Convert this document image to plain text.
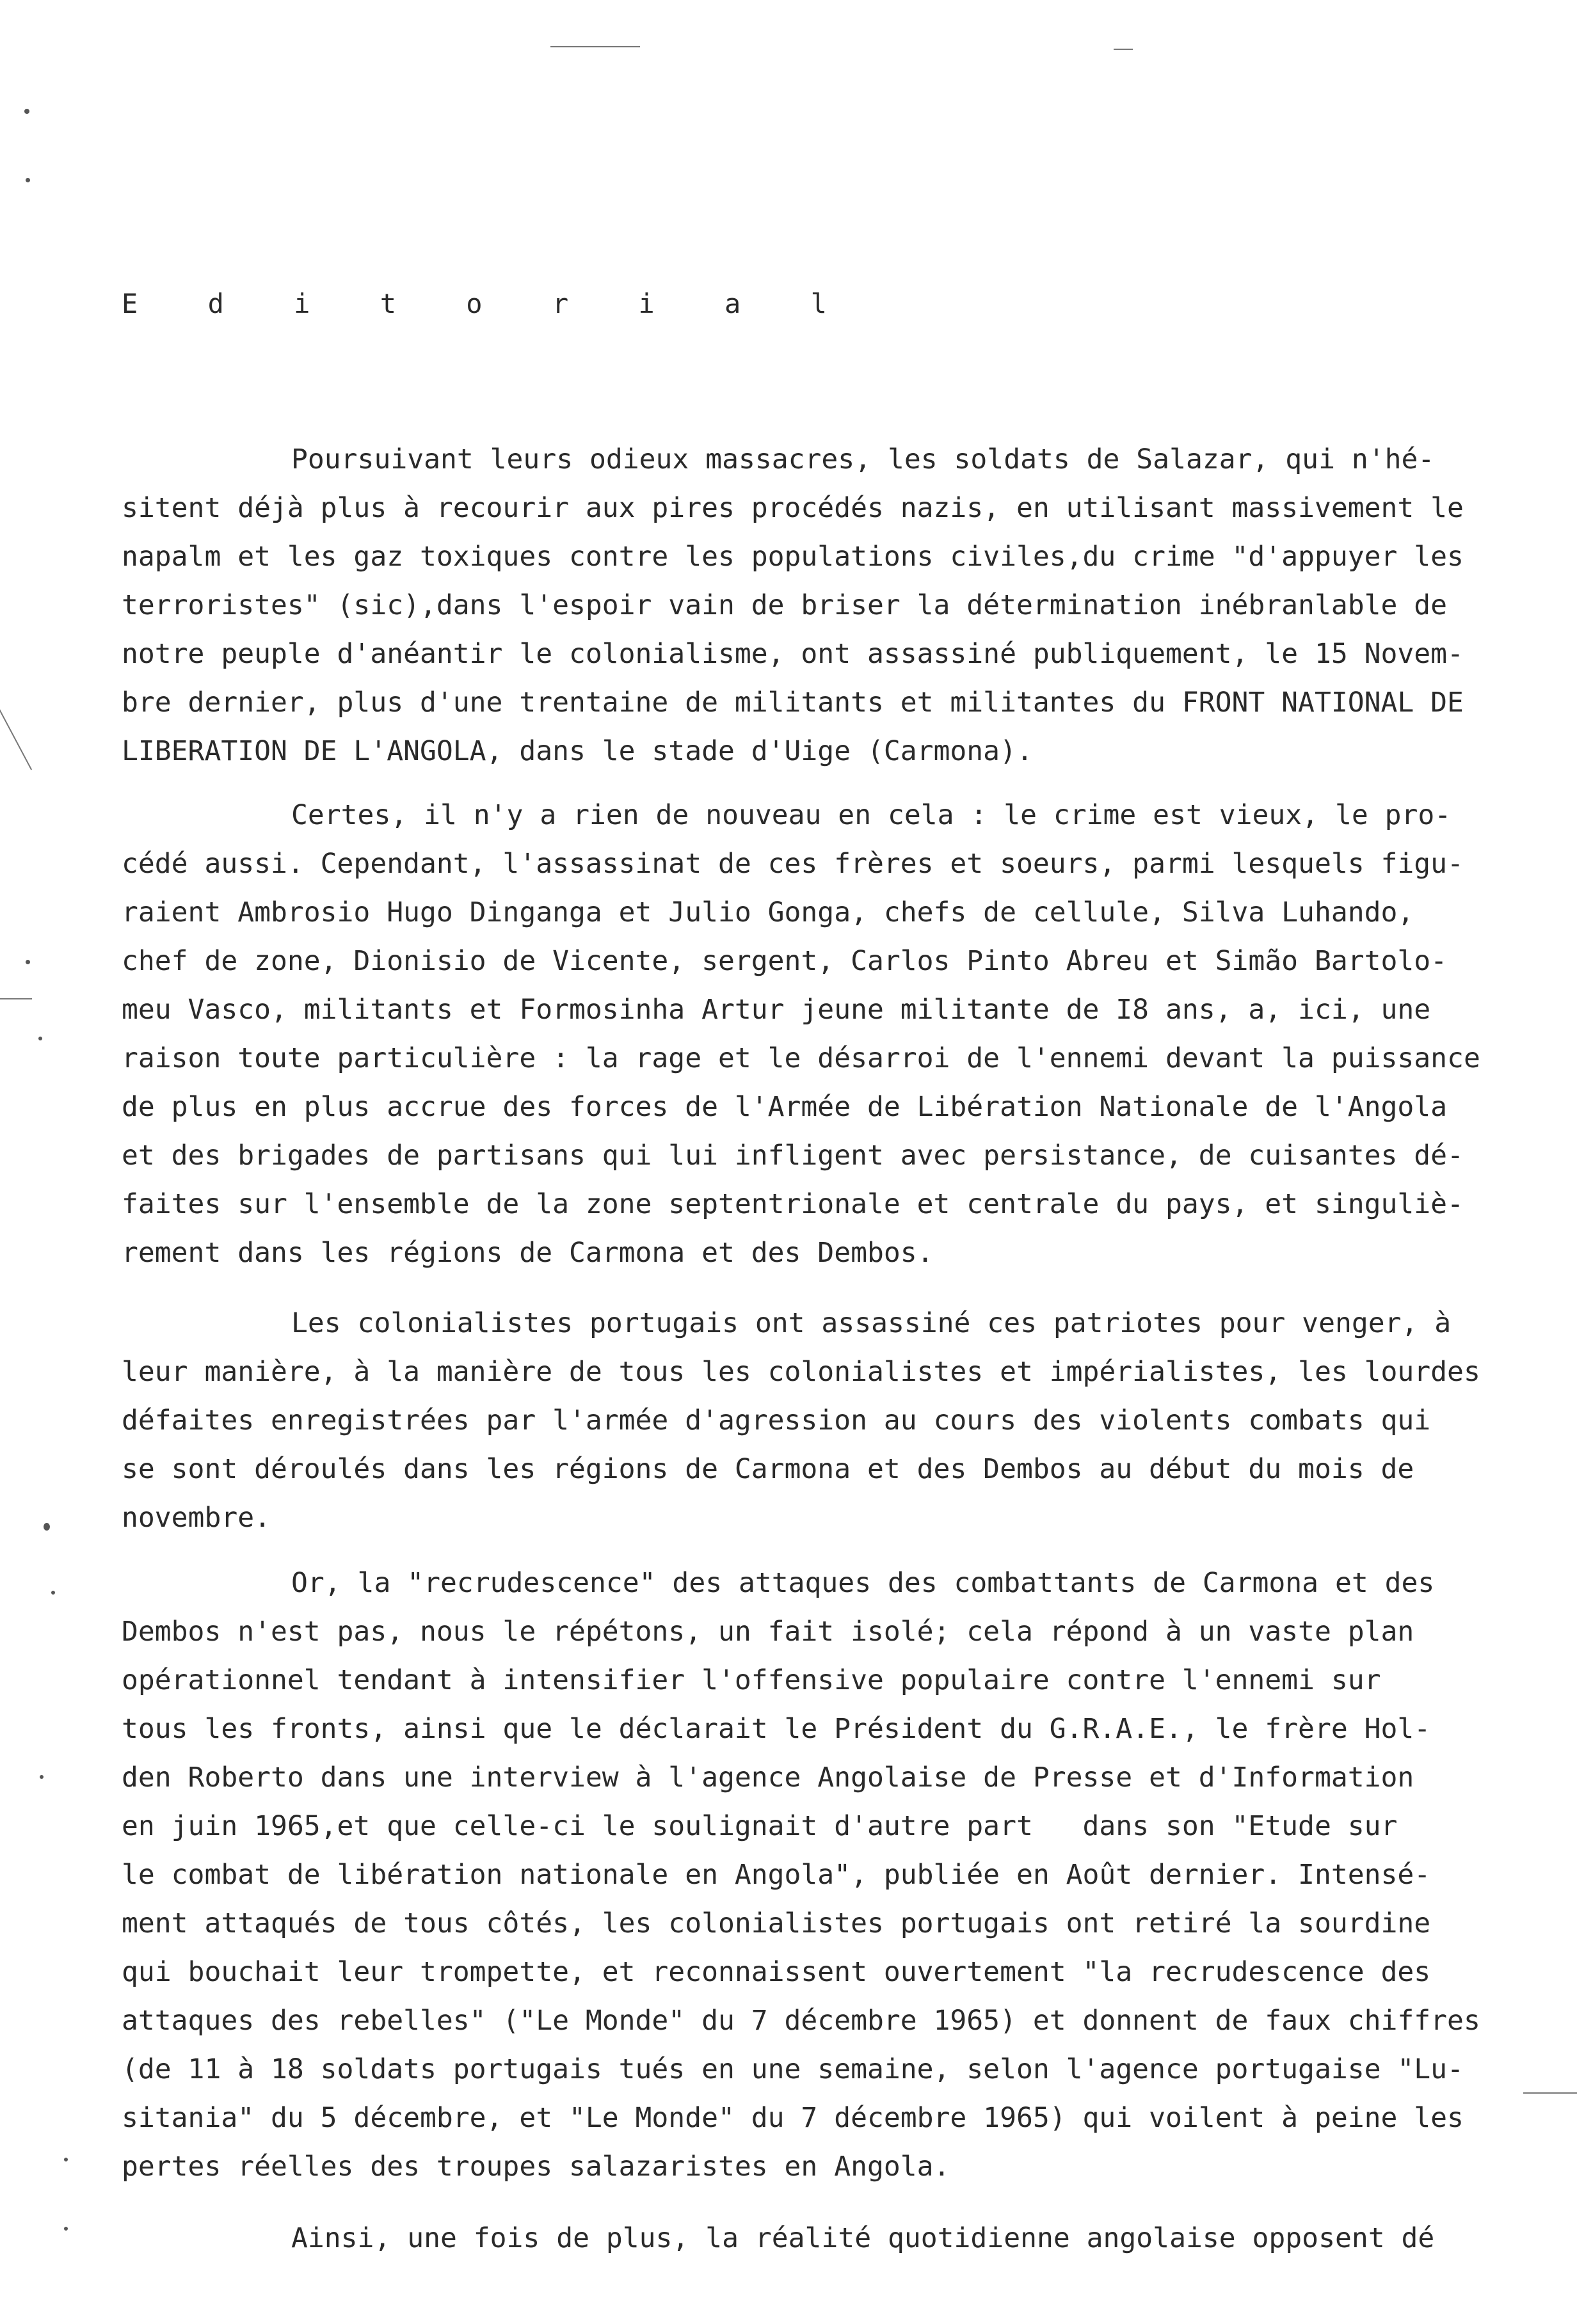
E d i t o r i a l
Poursuivant leurs odieux massacres, les soldats de Salazar, qui n'hé-
sitent déjà plus à recourir aux pires procédés nazis, en utilisant massivement le
napalm et les gaz toxiques contre les populations civiles,du crime "d'appuyer les
terroristes" (sic),dans l'espoir vain de briser la détermination inébranlable de
notre peuple d'anéantir le colonialisme, ont assassiné publiquement, le 15 Novem-
bre dernier, plus d'une trentaine de militants et militantes du FRONT NATIONAL DE
LIBERATION DE L'ANGOLA, dans le stade d'Uige (Carmona).
Certes, il n'y a rien de nouveau en cela : le crime est vieux, le pro-
cédé aussi. Cependant, l'assassinat de ces frères et soeurs, parmi lesquels figu-
raient Ambrosio Hugo Dinganga et Julio Gonga, chefs de cellule, Silva Luhando,
chef de zone, Dionisio de Vicente, sergent, Carlos Pinto Abreu et Simão Bartolo-
meu Vasco, militants et Formosinha Artur jeune militante de I8 ans, a, ici, une
raison toute particulière : la rage et le désarroi de l'ennemi devant la puissance
de plus en plus accrue des forces de l'Armée de Libération Nationale de l'Angola
et des brigades de partisans qui lui infligent avec persistance, de cuisantes dé-
faites sur l'ensemble de la zone septentrionale et centrale du pays, et singuliè-
rement dans les régions de Carmona et des Dembos.
Les colonialistes portugais ont assassiné ces patriotes pour venger, à
leur manière, à la manière de tous les colonialistes et impérialistes, les lourdes
défaites enregistrées par l'armée d'agression au cours des violents combats qui
se sont déroulés dans les régions de Carmona et des Dembos au début du mois de
novembre.
Or, la "recrudescence" des attaques des combattants de Carmona et des
Dembos n'est pas, nous le répétons, un fait isolé; cela répond à un vaste plan
opérationnel tendant à intensifier l'offensive populaire contre l'ennemi sur
tous les fronts, ainsi que le déclarait le Président du G.R.A.E., le frère Hol-
den Roberto dans une interview à l'agence Angolaise de Presse et d'Information
en juin 1965,et que celle-ci le soulignait d'autre part   dans son "Etude sur
le combat de libération nationale en Angola", publiée en Août dernier. Intensé-
ment attaqués de tous côtés, les colonialistes portugais ont retiré la sourdine
qui bouchait leur trompette, et reconnaissent ouvertement "la recrudescence des
attaques des rebelles" ("Le Monde" du 7 décembre 1965) et donnent de faux chiffres
(de 11 à 18 soldats portugais tués en une semaine, selon l'agence portugaise "Lu-
sitania" du 5 décembre, et "Le Monde" du 7 décembre 1965) qui voilent à peine les
pertes réelles des troupes salazaristes en Angola.
Ainsi, une fois de plus, la réalité quotidienne angolaise opposent dé
